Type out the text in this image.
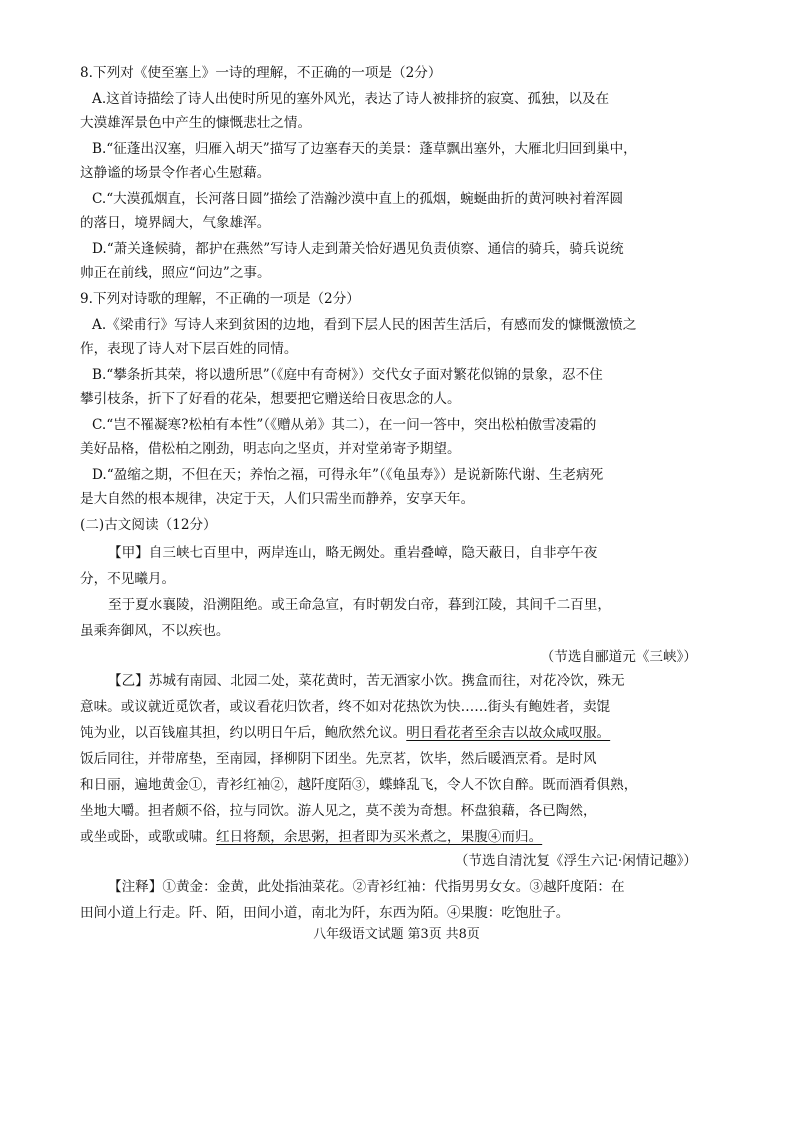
8.下列对《使至塞上》一诗的理解，不正确的一项是（2分）
A.这首诗描绘了诗人出使时所见的塞外风光，表达了诗人被排挤的寂寞、孤独，以及在
大漠雄浑景色中产生的慷慨悲壮之情。
B.“征蓬出汉塞，归雁入胡天”描写了边塞春天的美景：蓬草飘出塞外，大雁北归回到巢中，
这静谧的场景令作者心生慰藉。
C.“大漠孤烟直，长河落日圆”描绘了浩瀚沙漠中直上的孤烟，蜿蜒曲折的黄河映衬着浑圆
的落日，境界阔大，气象雄浑。
D.“萧关逢候骑，都护在燕然”写诗人走到萧关恰好遇见负责侦察、通信的骑兵，骑兵说统
帅正在前线，照应“问边”之事。
9.下列对诗歌的理解，不正确的一项是（2分）
A.《梁甫行》写诗人来到贫困的边地，看到下层人民的困苦生活后，有感而发的慷慨激愤之
作，表现了诗人对下层百姓的同情。
B.“攀条折其荣，将以遗所思”（《庭中有奇树》）交代女子面对繁花似锦的景象，忍不住
攀引枝条，折下了好看的花朵，想要把它赠送给日夜思念的人。
C.“岂不罹凝寒?松柏有本性”（《赠从弟》其二），在一问一答中，突出松柏傲雪凌霜的
美好品格，借松柏之刚劲，明志向之坚贞，并对堂弟寄予期望。
D.“盈缩之期，不但在天；养怡之福，可得永年”（《龟虽寿》）是说新陈代谢、生老病死
是大自然的根本规律，决定于天，人们只需坐而静养，安享天年。
(二)古文阅读（12分）
【甲】自三峡七百里中，两岸连山，略无阙处。重岩叠嶂，隐天蔽日，自非亭午夜
分，不见曦月。
至于夏水襄陵，沿溯阻绝。或王命急宣，有时朝发白帝，暮到江陵，其间千二百里，
虽乘奔御风，不以疾也。
（节选自郦道元《三峡》）
【乙】苏城有南园、北园二处，菜花黄时，苦无酒家小饮。携盒而往，对花冷饮，殊无
意味。或议就近觅饮者，或议看花归饮者，终不如对花热饮为快……街头有鲍姓者，卖馄
饨为业，以百钱雇其担，约以明日午后，鲍欣然允议。明日看花者至余吉以故众咸叹服。
饭后同往，并带席垫，至南园，择柳阴下团坐。先烹茗，饮毕，然后暖酒烹肴。是时风
和日丽，遍地黄金①，青衫红袖②，越阡度陌③，蝶蜂乱飞，令人不饮自醉。既而酒肴俱熟，
坐地大嚼。担者颇不俗，拉与同饮。游人见之，莫不羡为奇想。杯盘狼藉，各已陶然，
或坐或卧，或歌或啸。红日将颓，余思粥，担者即为买米煮之，果腹④而归。
（节选自清沈复《浮生六记·闲情记趣》）
【注释】①黄金：金黄，此处指油菜花。②青衫红袖：代指男男女女。③越阡度陌：在
田间小道上行走。阡、陌，田间小道，南北为阡，东西为陌。④果腹：吃饱肚子。
八年级语文试题 第3页 共8页
